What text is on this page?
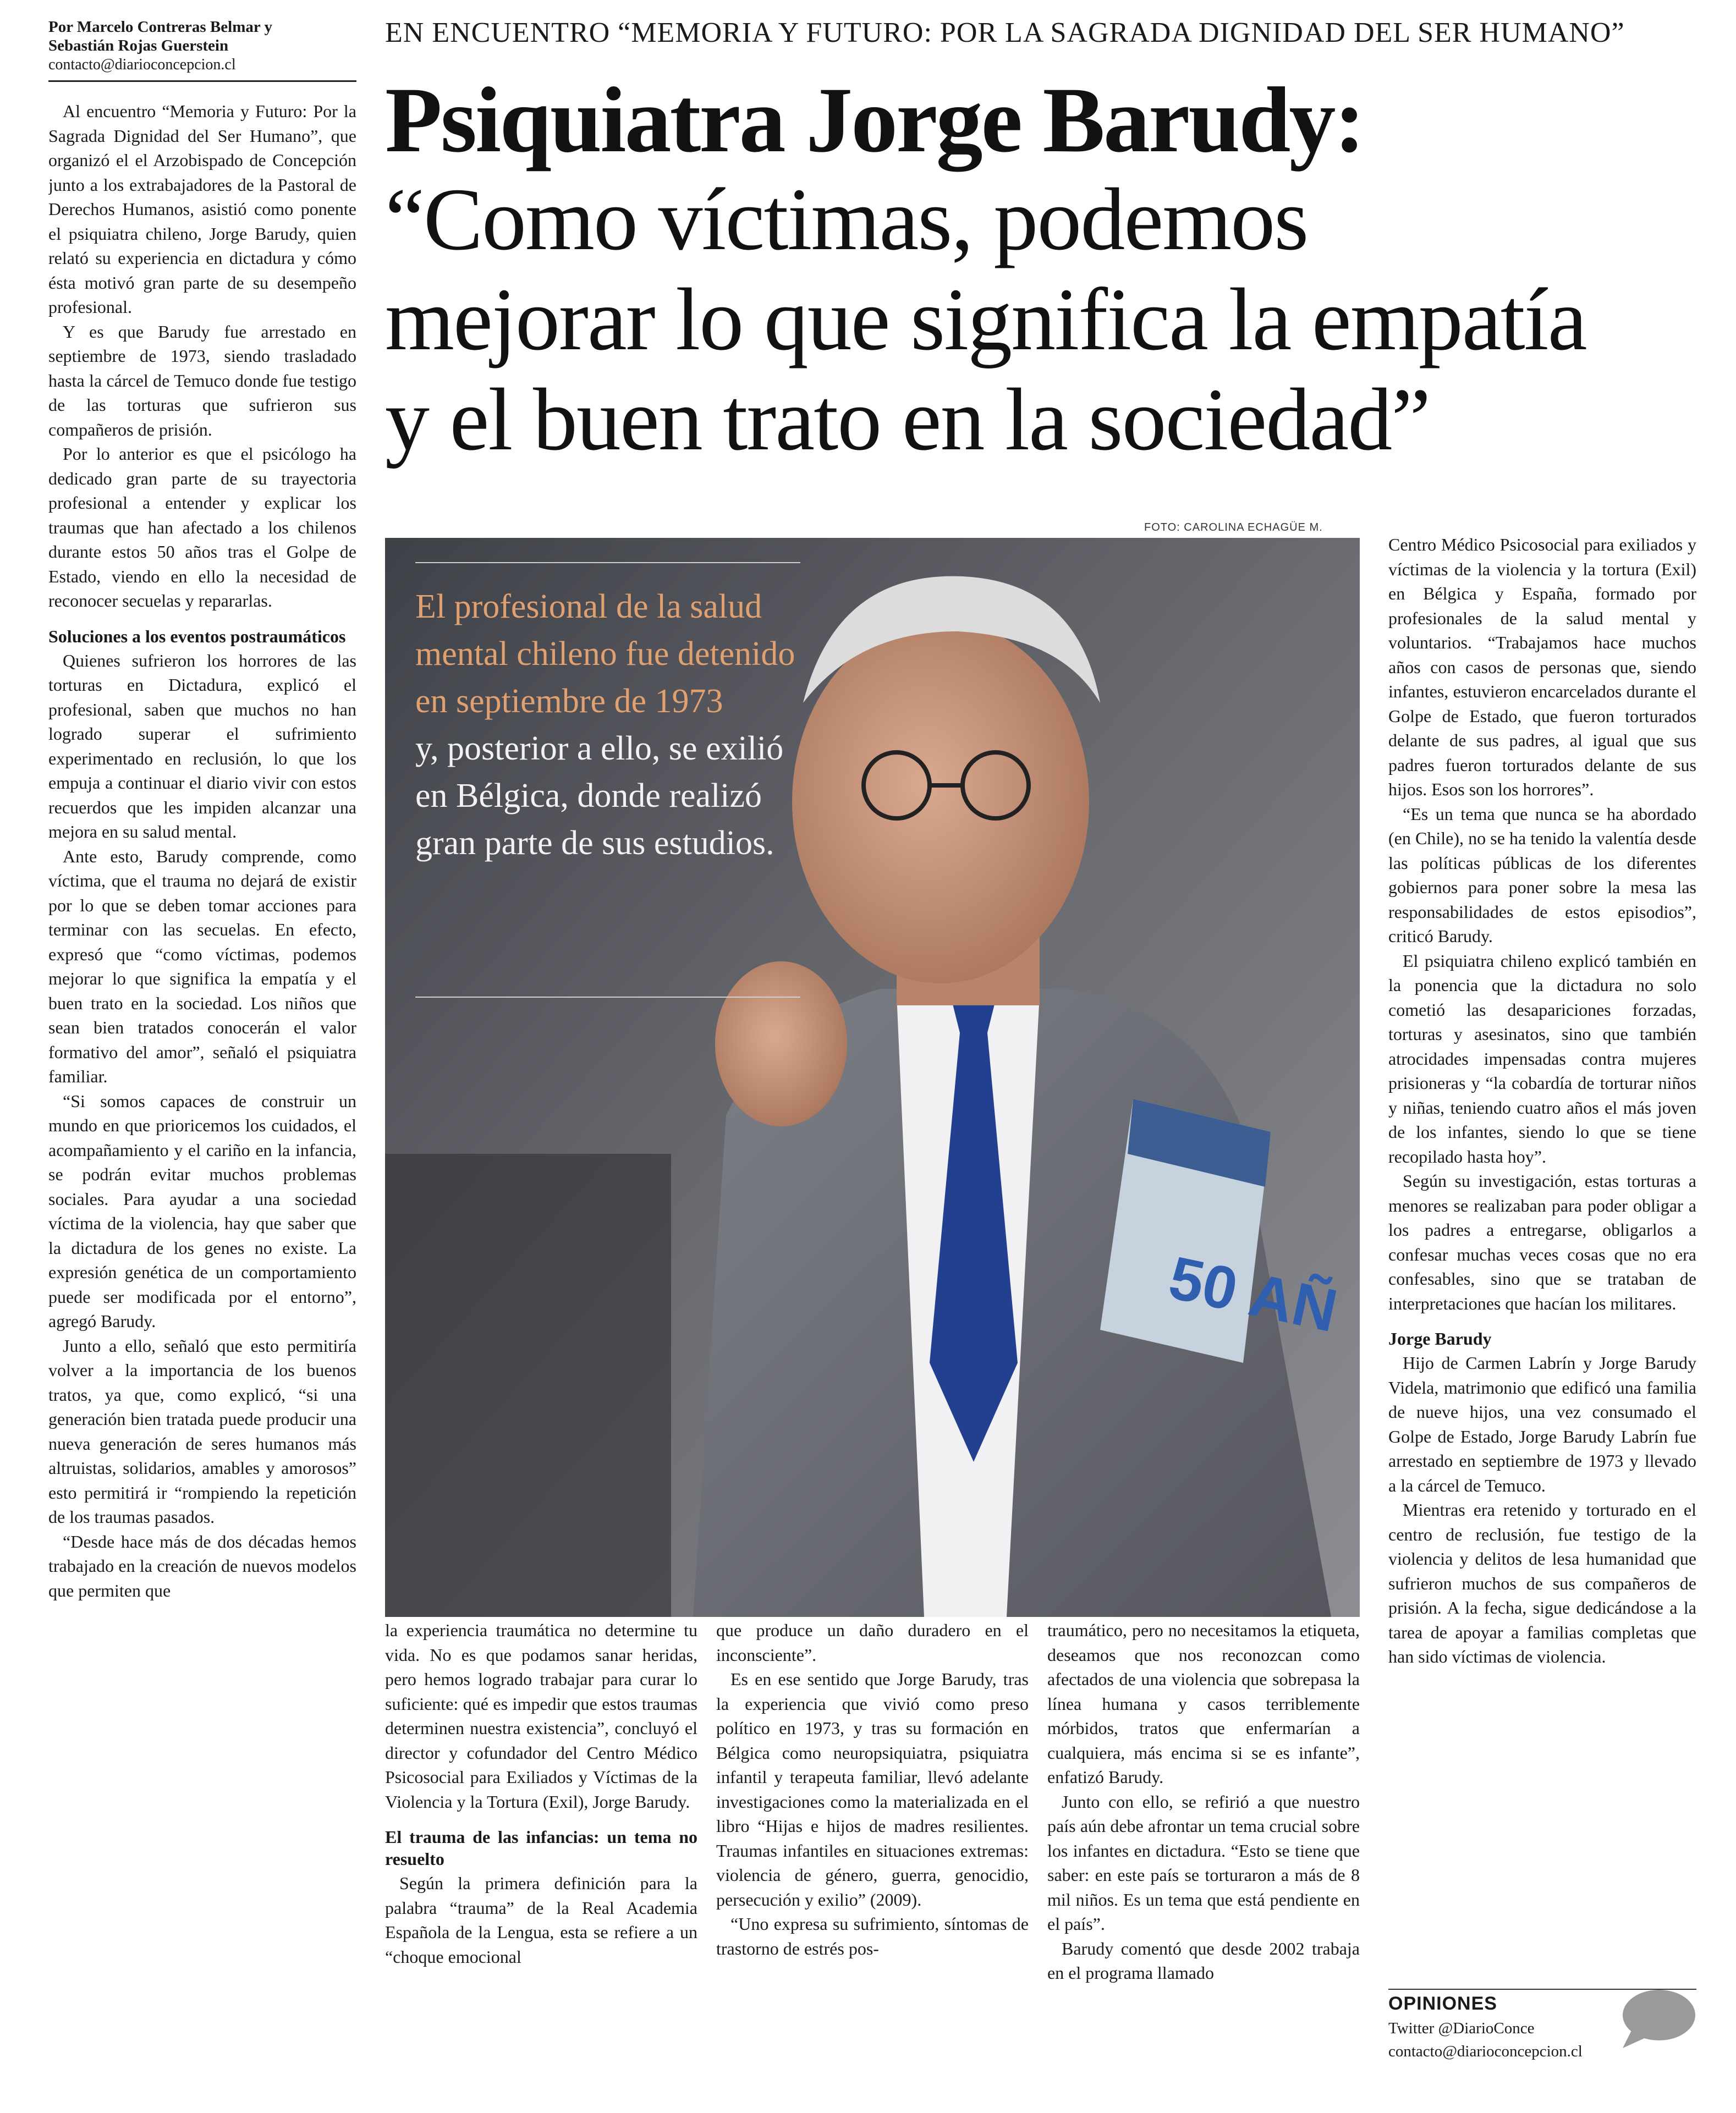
Por Marcelo Contreras Belmar y Sebastián Rojas Guerstein
contacto@diarioconcepcion.cl
EN ENCUENTRO “MEMORIA Y FUTURO: POR LA SAGRADA DIGNIDAD DEL SER HUMANO”
Psiquiatra Jorge Barudy:
“Como víctimas, podemos
mejorar lo que significa la empatía
y el buen trato en la sociedad”
FOTO: CAROLINA ECHAGÜE M.
50 AÑ
El profesional de la salud mental chileno fue detenido en septiembre de 1973
y, posterior a ello, se exilió en Bélgica, donde realizó gran parte de sus estudios.

Al encuentro “Memoria y Futuro: Por la Sagrada Dignidad del Ser Humano”, que organizó el el Arzobispado de Concepción junto a los extrabajadores de la Pastoral de Derechos Humanos, asistió como ponente el psiquiatra chileno, Jorge Barudy, quien relató su experiencia en dictadura y cómo ésta motivó gran parte de su desempeño profesional.

Y es que Barudy fue arrestado en septiembre de 1973, siendo trasladado hasta la cárcel de Temuco donde fue testigo de las torturas que sufrieron sus compañeros de prisión.

Por lo anterior es que el psicólogo ha dedicado gran parte de su trayectoria profesional a entender y explicar los traumas que han afectado a los chilenos durante estos 50 años tras el Golpe de Estado, viendo en ello la necesidad de reconocer secuelas y repararlas.

Soluciones a los eventos postraumáticos

Quienes sufrieron los horrores de las torturas en Dictadura, explicó el profesional, saben que muchos no han logrado superar el sufrimiento experimentado en reclusión, lo que los empuja a continuar el diario vivir con estos recuerdos que les impiden alcanzar una mejora en su salud mental.

Ante esto, Barudy comprende, como víctima, que el trauma no dejará de existir por lo que se deben tomar acciones para terminar con las secuelas. En efecto, expresó que “como víctimas, podemos mejorar lo que significa la empatía y el buen trato en la sociedad. Los niños que sean bien tratados conocerán el valor formativo del amor”, señaló el psiquiatra familiar.

“Si somos capaces de construir un mundo en que prioricemos los cuidados, el acompañamiento y el cariño en la infancia, se podrán evitar muchos problemas sociales. Para ayudar a una sociedad víctima de la violencia, hay que saber que la dictadura de los genes no existe. La expresión genética de un comportamiento puede ser modificada por el entorno”, agregó Barudy.

Junto a ello, señaló que esto permitiría volver a la importancia de los buenos tratos, ya que, como explicó, “si una generación bien tratada puede producir una nueva generación de seres humanos más altruistas, solidarios, amables y amorosos” esto permitirá ir “rompiendo la repetición de los traumas pasados.

“Desde hace más de dos décadas hemos trabajado en la creación de nuevos modelos que permiten que

la experiencia traumática no determine tu vida. No es que podamos sanar heridas, pero hemos logrado trabajar para curar lo suficiente: qué es impedir que estos traumas determinen nuestra existencia”, concluyó el director y cofundador del Centro Médico Psicosocial para Exiliados y Víctimas de la Violencia y la Tortura (Exil), Jorge Barudy.

El trauma de las infancias: un tema no resuelto

Según la primera definición para la palabra “trauma” de la Real Academia Española de la Lengua, esta se refiere a un “choque emocional

que produce un daño duradero en el inconsciente”.

Es en ese sentido que Jorge Barudy, tras la experiencia que vivió como preso político en 1973, y tras su formación en Bélgica como neuropsiquiatra, psiquiatra infantil y terapeuta familiar, llevó adelante investigaciones como la materializada en el libro “Hijas e hijos de madres resilientes. Traumas infantiles en situaciones extremas: violencia de género, guerra, genocidio, persecución y exilio” (2009).

“Uno expresa su sufrimiento, síntomas de trastorno de estrés pos-

traumático, pero no necesitamos la etiqueta, deseamos que nos reconozcan como afectados de una violencia que sobrepasa la línea humana y casos terriblemente mórbidos, tratos que enfermarían a cualquiera, más encima si se es infante”, enfatizó Barudy.

Junto con ello, se refirió a que nuestro país aún debe afrontar un tema crucial sobre los infantes en dictadura. “Esto se tiene que saber: en este país se torturaron a más de 8 mil niños. Es un tema que está pendiente en el país”.

Barudy comentó que desde 2002 trabaja en el programa llamado

Centro Médico Psicosocial para exiliados y víctimas de la violencia y la tortura (Exil) en Bélgica y España, formado por profesionales de la salud mental y voluntarios. “Trabajamos hace muchos años con casos de personas que, siendo infantes, estuvieron encarcelados durante el Golpe de Estado, que fueron torturados delante de sus padres, al igual que sus padres fueron torturados delante de sus hijos. Esos son los horrores”.

“Es un tema que nunca se ha abordado (en Chile), no se ha tenido la valentía desde las políticas públicas de los diferentes gobiernos para poner sobre la mesa las responsabilidades de estos episodios”, criticó Barudy.

El psiquiatra chileno explicó también en la ponencia que la dictadura no solo cometió las desapariciones forzadas, torturas y asesinatos, sino que también atrocidades impensadas contra mujeres prisioneras y “la cobardía de torturar niños y niñas, teniendo cuatro años el más joven de los infantes, siendo lo que se tiene recopilado hasta hoy”.

Según su investigación, estas torturas a menores se realizaban para poder obligar a los padres a entregarse, obligarlos a confesar muchas veces cosas que no era confesables, sino que se trataban de interpretaciones que hacían los militares.

Jorge Barudy

Hijo de Carmen Labrín y Jorge Barudy Videla, matrimonio que edificó una familia de nueve hijos, una vez consumado el Golpe de Estado, Jorge Barudy Labrín fue arrestado en septiembre de 1973 y llevado a la cárcel de Temuco.

Mientras era retenido y torturado en el centro de reclusión, fue testigo de la violencia y delitos de lesa humanidad que sufrieron muchos de sus compañeros de prisión. A la fecha, sigue dedicándose a la tarea de apoyar a familias completas que han sido víctimas de violencia.

OPINIONES
Twitter @DiarioConce
contacto@diarioconcepcion.cl
